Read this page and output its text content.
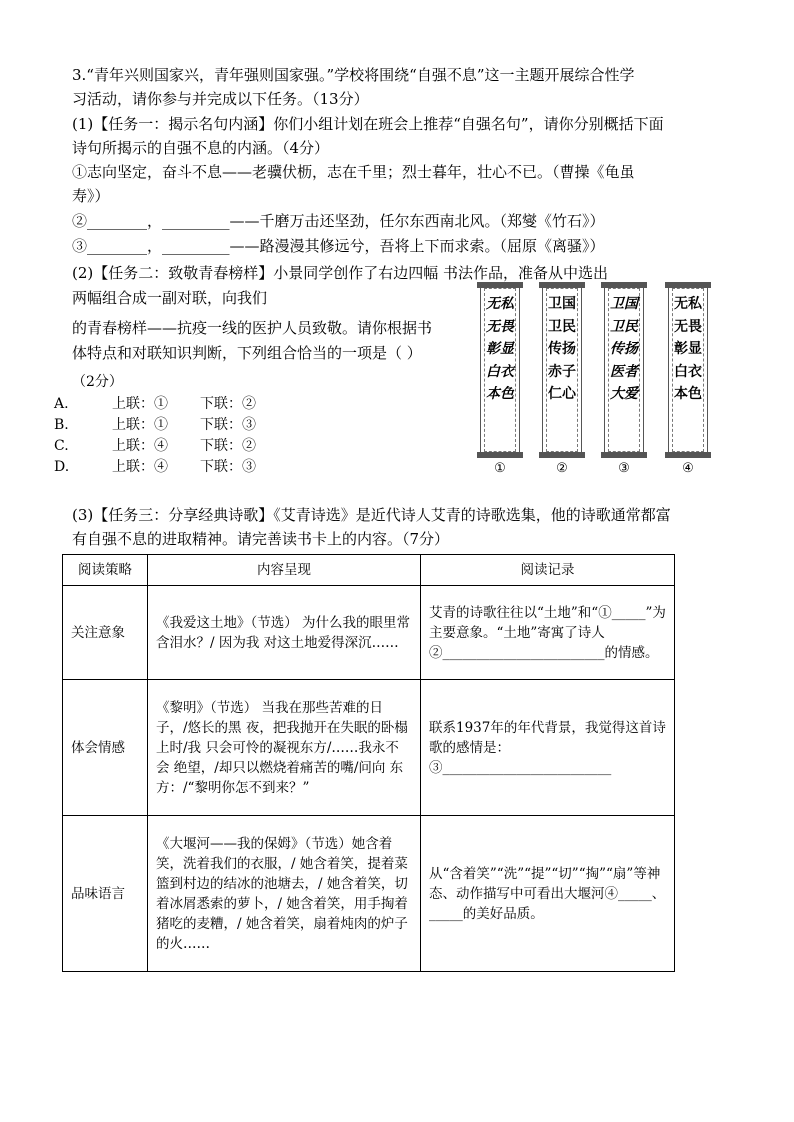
3.“青年兴则国家兴，青年强则国家强。”学校将围绕“自强不息”这一主题开展综合性学
习活动，请你参与并完成以下任务。（13分）
(1)【任务一：揭示名句内涵】你们小组计划在班会上推荐“自强名句”，请你分别概括下面
诗句所揭示的自强不息的内涵。（4分）
①志向坚定，奋斗不息——老骥伏枥，志在千里；烈士暮年，壮心不已。（曹操《龟虽
寿》）
②________，_________——千磨万击还坚劲，任尔东西南北风。（郑燮《竹石》）
③________，_________——路漫漫其修远兮，吾将上下而求索。（屈原《离骚》）
(2)【任务二：致敬青春榜样】小景同学创作了右边四幅 书法作品，准备从中选出
两幅组合成一副对联，向我们
的青春榜样——抗疫一线的医护人员致敬。请你根据书
体特点和对联知识判断，下列组合恰当的一项是（ ）
（2分）
A.	上联：① 下联：②
B.	上联：① 下联：③
C.	上联：④ 下联：②
D.	上联：④ 下联：③
无私无畏彰显白衣本色
①
卫国卫民传扬赤子仁心
②
卫国卫民传扬医者大爱
③
无私无畏彰显白衣本色
④
(3)【任务三：分享经典诗歌】《艾青诗选》是近代诗人艾青的诗歌选集，他的诗歌通常都富
有自强不息的进取精神。请完善读书卡上的内容。（7分）
阅读策略	内容呈现	阅读记录
关注意象	《我爱这土地》（节选） 为什么我的眼里常含泪水？/ 因为我 对这土地爱得深沉……	艾青的诗歌往往以“土地”和“①_____”为主要意象。“土地”寄寓了诗人②________________________的情感。
体会情感	《黎明》（节选） 当我在那些苦难的日子，/悠长的黑 夜，把我抛开在失眠的卧榻上时/我 只会可怜的凝视东方/……我永不会 绝望，/却只以燃烧着痛苦的嘴/问向 东方：/“黎明你怎不到来？”	联系1937年的年代背景，我觉得这首诗歌的感情是：③_________________________
品味语言	《大堰河——我的保姆》（节选）她含着笑，洗着我们的衣服，/ 她含着笑，提着菜篮到村边的结冰的池塘去，/ 她含着笑，切着冰屑悉索的萝卜，/ 她含着笑，用手掏着猪吃的麦糟，/ 她含着笑，扇着炖肉的炉子的火……	从“含着笑”“洗”“提”“切”“掏”“扇”等神态、动作描写中可看出大堰河④_____、_____的美好品质。
